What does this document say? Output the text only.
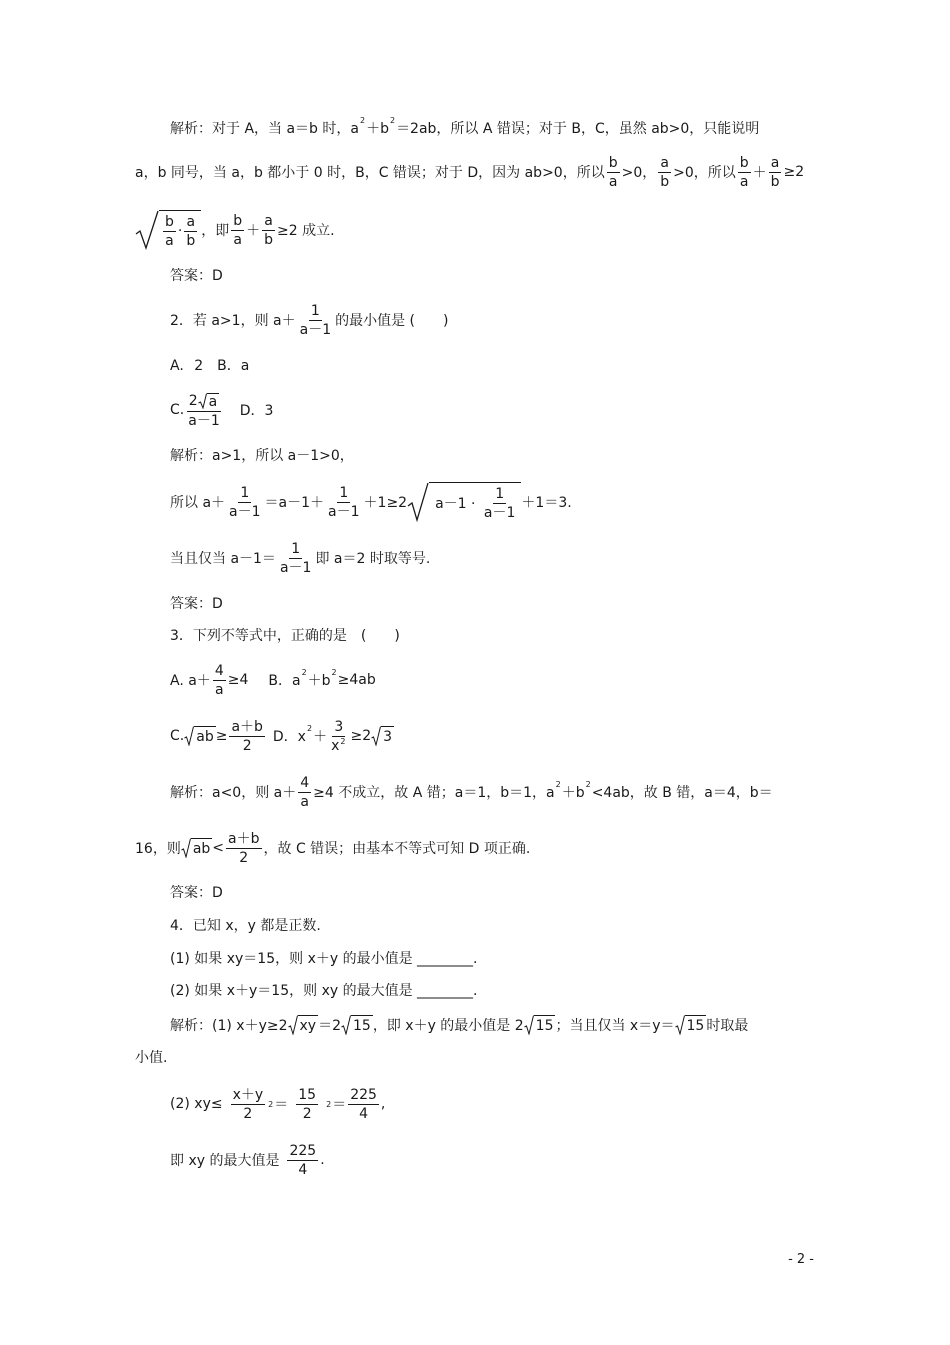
解析：对于 A，当 a＝b 时，a
2
＋b
2
＝2ab，所以 A 错误；对于 B，C，虽然 ab>0，只能说明
a，b 同号，当 a，b 都小于 0 时，B，C 错误；对于 D，因为 ab>0，所以 $\frac{b}{a} >0$， $\frac{a}{b} >0$，所以 $\frac{b}{a} + \frac{a}{b} \ge 2$
$\frac{b}{a} \cdot \frac{a}{b}$ ，即 $\frac{b}{a} + \frac{a}{b} \ge 2$ 成立.
答案：D
2．若 a>1，则 $a+ \frac{1}{a-1}$ 的最小值是 (　　)
A. 2　B．a
C. $\frac{2 a}{a-1}$ D．3
解析：a>1，所以 a－1>0，
所以 $a+ \frac{1}{a-1} =a-1+ \frac{1}{a-1} +1\ge 2$ a－1 ·
$\frac{1}{a-1} +1=3$.
当且仅当 $a-1= \frac{1}{a-1}$ 即 a＝2 时取等号.
答案：D
3．下列不等式中，正确的是　(　　)
A. $a+ \frac{4}{a} \ge 4$ B．a
2
＋b
2 ≥4ab
C. ab ≥ $\frac{a+b}{2}$ D．x
2
＋ $\frac{3}{x^2} \ge 2$ 3
解析：a<0，则 $a+ \frac{4}{a} \ge 4$ 不成立，故 A 错；a＝1，b＝1，a
2
＋b
2
<4ab，故 B 错，a＝4，b＝
16，则 ab < $\frac{a+b}{2}$ ，故 C 错误；由基本不等式可知 D 项正确.
答案：D
4．已知 x，y 都是正数.
(1) 如果 xy＝15，则 x＋y 的最小值是 ________.
(2) 如果 x＋y＝15，则 xy 的最大值是 ________.
解析：(1) x＋y≥2 xy ＝2 15 ，即 x＋y 的最小值是 2 15 ；当且仅当 x＝y＝ 15 时取最
小值.
(2) $xy\le \frac{x+y}{2} 2 = \frac{15}{2} 2 = \frac{225}{4}$ ,
即 xy 的最大值是 $\frac{225}{4}$ .
- 2 -
